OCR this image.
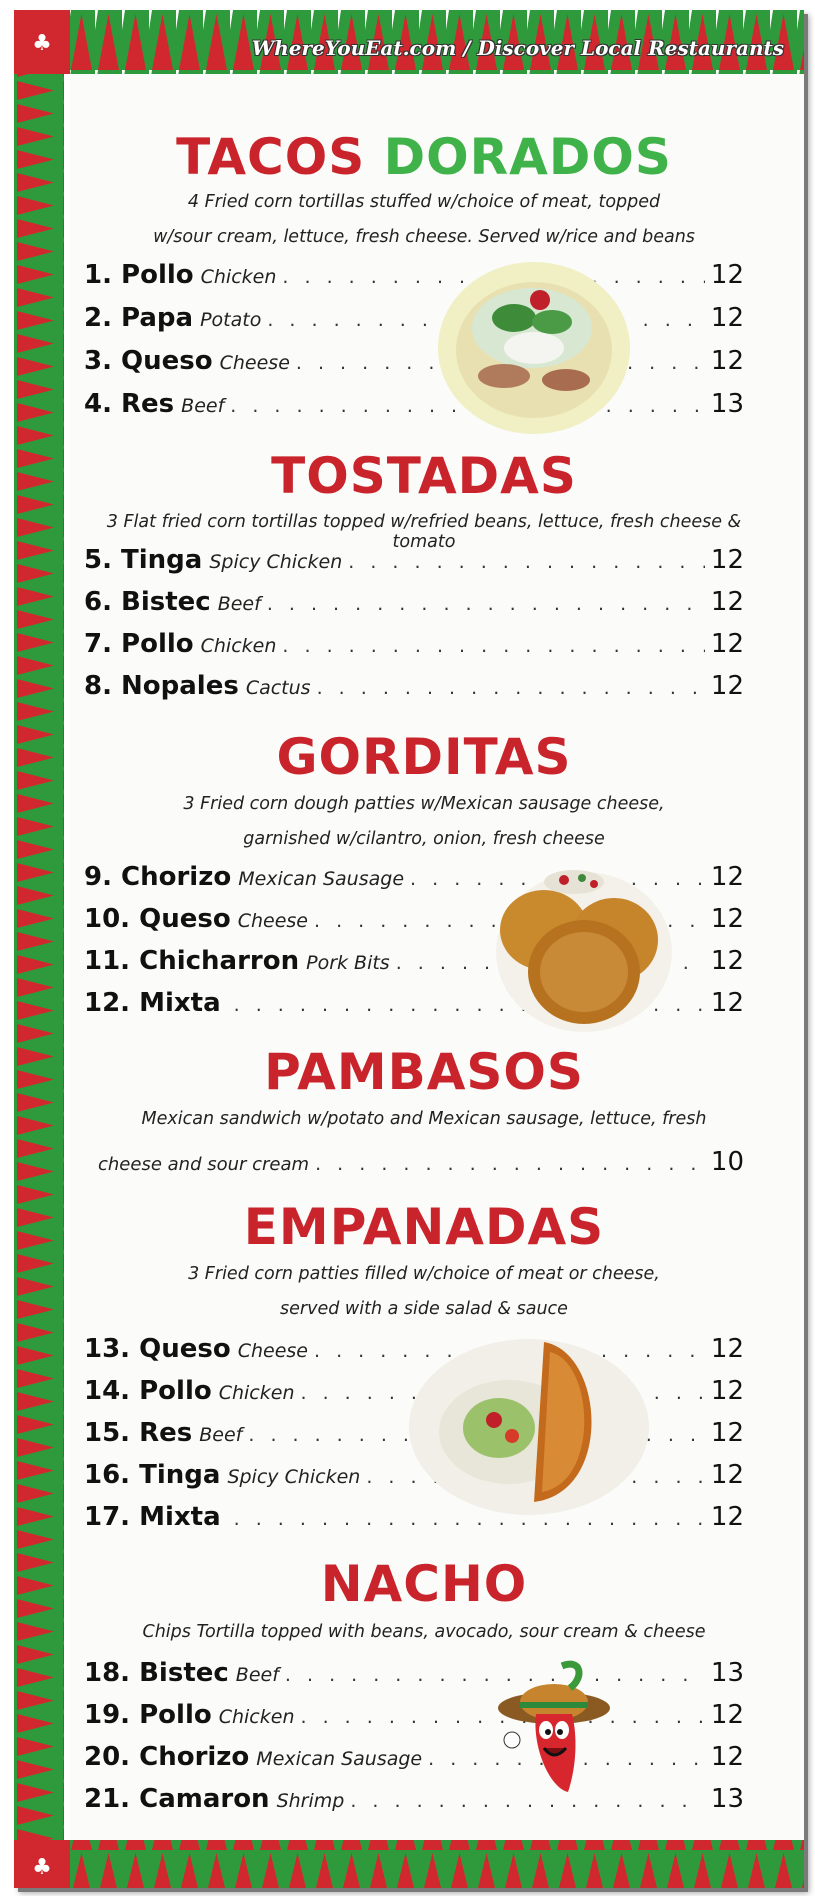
♣
♣
WhereYouEat.com / Discover Local Restaurants
TACOS DORADOS
4 Fried corn tortillas stuffed w/choice of meat, topped
w/sour cream, lettuce, fresh cheese. Served w/rice and beans
1. Pollo Chicken . . .	12
2. Papa Potato . . .	12
3. Queso Cheese . . .	12
4. Res Beef . . .	13
TOSTADAS
3 Flat fried corn tortillas topped w/refried beans, lettuce, fresh cheese & tomato
5. Tinga Spicy Chicken . . .	12
6. Bistec Beef . . .	12
7. Pollo Chicken . . .	12
8. Nopales Cactus . . .	12
GORDITAS
3 Fried corn dough patties w/Mexican sausage cheese,
garnished w/cilantro, onion, fresh cheese
9. Chorizo Mexican Sausage . . .	12
10. Queso Cheese . . .	12
11. Chicharron Pork Bits . . .	12
12. Mixta . . .	12
PAMBASOS
Mexican sandwich w/potato and Mexican sausage, lettuce, fresh
cheese and sour cream . . .	10
EMPANADAS
3 Fried corn patties filled w/choice of meat or cheese,
served with a side salad & sauce
13. Queso Cheese . . .	12
14. Pollo Chicken . . .	12
15. Res Beef . . .	12
16. Tinga Spicy Chicken . . .	12
17. Mixta . . .	12
NACHO
Chips Tortilla topped with beans, avocado, sour cream & cheese
18. Bistec Beef . . .	13
19. Pollo Chicken . . .	12
20. Chorizo Mexican Sausage . . .	12
21. Camaron Shrimp . . .	13
